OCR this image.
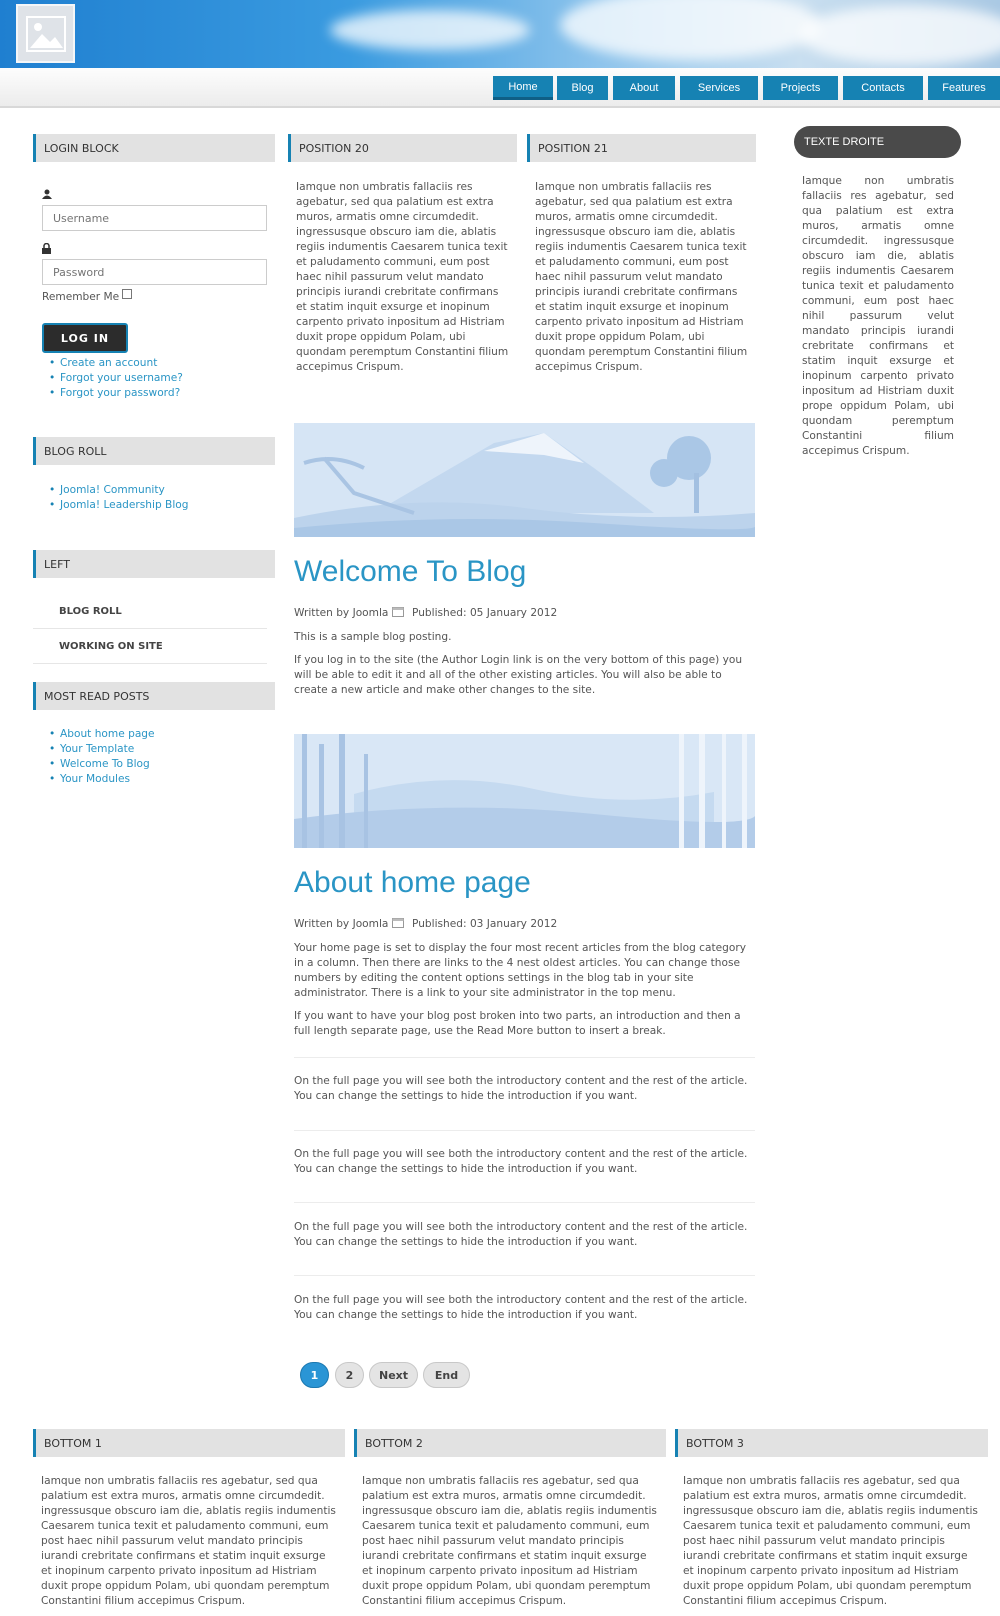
Home	Blog	About	Services	Projects	Contacts	Features
LOGIN BLOCK
Username
Password
Remember Me
LOG IN
• Create an account
• Forgot your username?
• Forgot your password?
BLOG ROLL
• Joomla! Community
• Joomla! Leadership Blog
LEFT
BLOG ROLL
WORKING ON SITE
MOST READ POSTS
• About home page
• Your Template
• Welcome To Blog
• Your Modules
POSITION 20
Iamque non umbratis fallaciis res agebatur, sed qua palatium est extra muros, armatis omne circumdedit. ingressusque obscuro iam die, ablatis regiis indumentis Caesarem tunica texit et paludamento communi, eum post haec nihil passurum velut mandato principis iurandi crebritate confirmans et statim inquit exsurge et inopinum carpento privato inpositum ad Histriam duxit prope oppidum Polam, ubi quondam peremptum Constantini filium accepimus Crispum.
POSITION 21
Iamque non umbratis fallaciis res agebatur, sed qua palatium est extra muros, armatis omne circumdedit. ingressusque obscuro iam die, ablatis regiis indumentis Caesarem tunica texit et paludamento communi, eum post haec nihil passurum velut mandato principis iurandi crebritate confirmans et statim inquit exsurge et inopinum carpento privato inpositum ad Histriam duxit prope oppidum Polam, ubi quondam peremptum Constantini filium accepimus Crispum.
TEXTE DROITE
Iamque non umbratis fallaciis res agebatur, sed qua palatium est extra muros, armatis omne circumdedit. ingressusque obscuro iam die, ablatis regiis indumentis Caesarem tunica texit et paludamento communi, eum post haec nihil passurum velut mandato principis iurandi crebritate confirmans et statim inquit exsurge et inopinum carpento privato inpositum ad Histriam duxit prope oppidum Polam, ubi quondam peremptum Constantini filium accepimus Crispum.
Welcome To Blog
Written by Joomla Published: 05 January 2012
This is a sample blog posting.
If you log in to the site (the Author Login link is on the very bottom of this page) you will be able to edit it and all of the other existing articles. You will also be able to create a new article and make other changes to the site.
About home page
Written by Joomla Published: 03 January 2012
Your home page is set to display the four most recent articles from the blog category in a column. Then there are links to the 4 nest oldest articles. You can change those numbers by editing the content options settings in the blog tab in your site administrator. There is a link to your site administrator in the top menu.
If you want to have your blog post broken into two parts, an introduction and then a full length separate page, use the Read More button to insert a break.
On the full page you will see both the introductory content and the rest of the article. You can change the settings to hide the introduction if you want.
On the full page you will see both the introductory content and the rest of the article. You can change the settings to hide the introduction if you want.
On the full page you will see both the introductory content and the rest of the article. You can change the settings to hide the introduction if you want.
On the full page you will see both the introductory content and the rest of the article. You can change the settings to hide the introduction if you want.
1	2	Next	End
BOTTOM 1
Iamque non umbratis fallaciis res agebatur, sed qua palatium est extra muros, armatis omne circumdedit. ingressusque obscuro iam die, ablatis regiis indumentis Caesarem tunica texit et paludamento communi, eum post haec nihil passurum velut mandato principis iurandi crebritate confirmans et statim inquit exsurge et inopinum carpento privato inpositum ad Histriam duxit prope oppidum Polam, ubi quondam peremptum Constantini filium accepimus Crispum.
BOTTOM 2
Iamque non umbratis fallaciis res agebatur, sed qua palatium est extra muros, armatis omne circumdedit. ingressusque obscuro iam die, ablatis regiis indumentis Caesarem tunica texit et paludamento communi, eum post haec nihil passurum velut mandato principis iurandi crebritate confirmans et statim inquit exsurge et inopinum carpento privato inpositum ad Histriam duxit prope oppidum Polam, ubi quondam peremptum Constantini filium accepimus Crispum.
BOTTOM 3
Iamque non umbratis fallaciis res agebatur, sed qua palatium est extra muros, armatis omne circumdedit. ingressusque obscuro iam die, ablatis regiis indumentis Caesarem tunica texit et paludamento communi, eum post haec nihil passurum velut mandato principis iurandi crebritate confirmans et statim inquit exsurge et inopinum carpento privato inpositum ad Histriam duxit prope oppidum Polam, ubi quondam peremptum Constantini filium accepimus Crispum.
